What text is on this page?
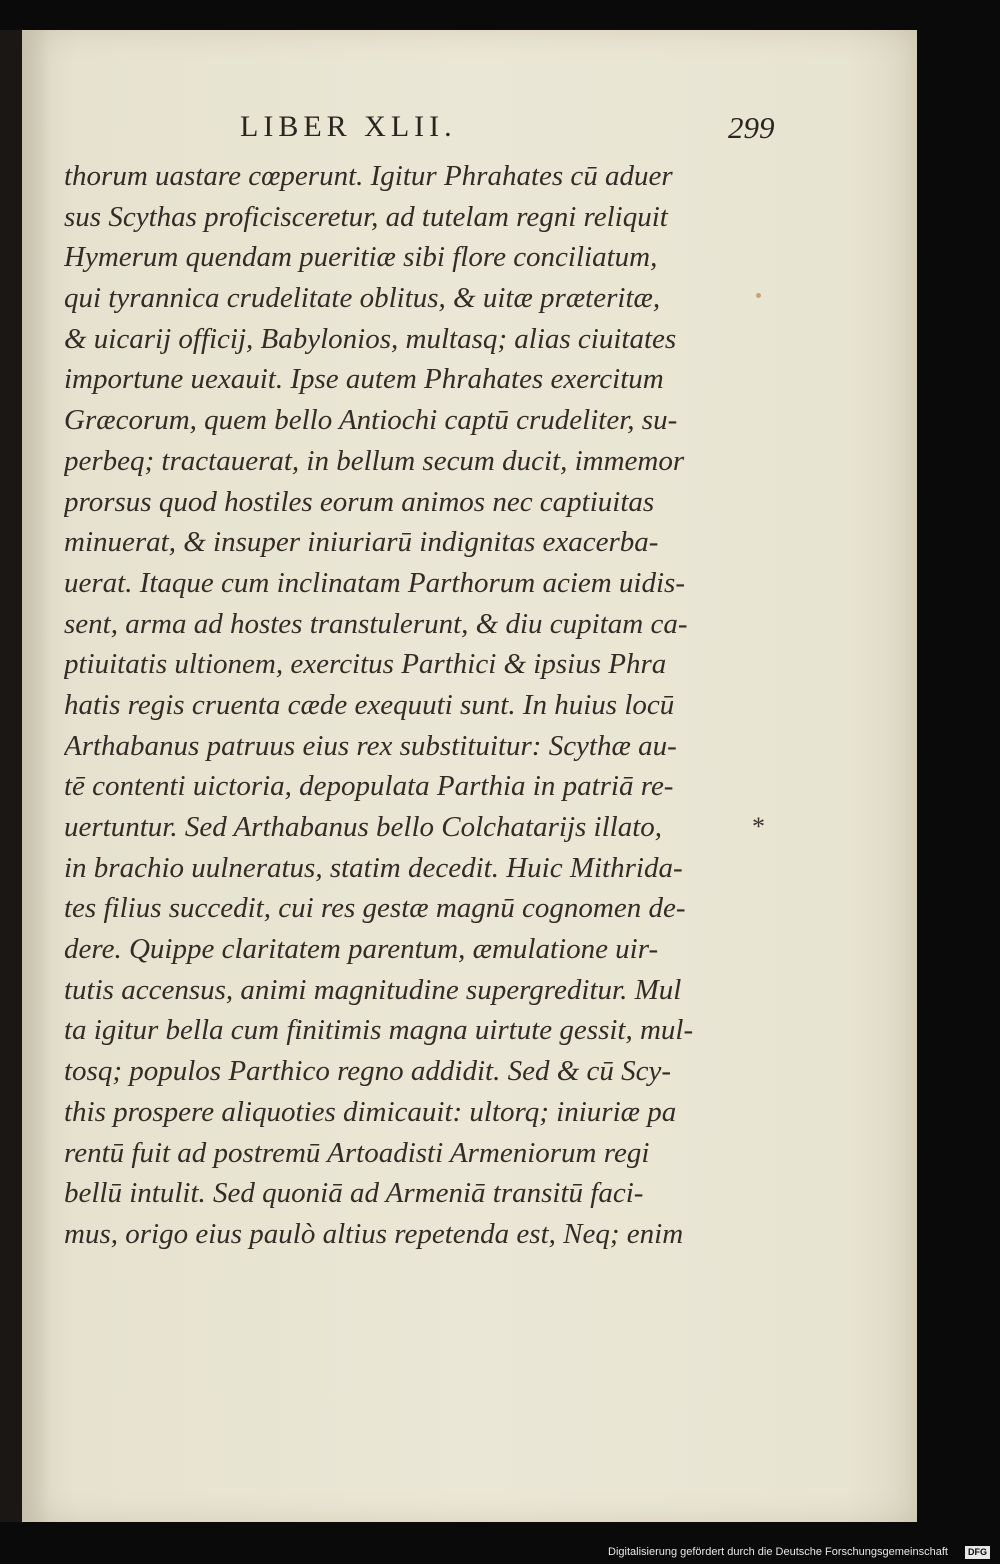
LIBER XLII.	299
thorum uastare cœperunt. Igitur Phrahates cū aduer
sus Scythas proficisceretur, ad tutelam regni reliquit
Hymerum quendam pueritiæ sibi flore conciliatum,
qui tyrannica crudelitate oblitus, & uitæ præteritæ,
& uicarij officij, Babylonios, multasq; alias ciuitates
importune uexauit. Ipse autem Phrahates exercitum
Græcorum, quem bello Antiochi captū crudeliter, su-
perbeq; tractauerat, in bellum secum ducit, immemor
prorsus quod hostiles eorum animos nec captiuitas
minuerat, & insuper iniuriarū indignitas exacerba-
uerat. Itaque cum inclinatam Parthorum aciem uidis-
sent, arma ad hostes transtulerunt, & diu cupitam ca-
ptiuitatis ultionem, exercitus Parthici & ipsius Phra
hatis regis cruenta cæde exequuti sunt. In huius locū
Arthabanus patruus eius rex substituitur: Scythæ au-
tē contenti uictoria, depopulata Parthia in patriā re-
uertuntur. Sed Arthabanus bello Colchatarijs illato,
in brachio uulneratus, statim decedit. Huic Mithrida-
tes filius succedit, cui res gestæ magnū cognomen de-
dere. Quippe claritatem parentum, æmulatione uir-
tutis accensus, animi magnitudine supergreditur. Mul
ta igitur bella cum finitimis magna uirtute gessit, mul-
tosq; populos Parthico regno addidit. Sed & cū Scy-
this prospere aliquoties dimicauit: ultorq; iniuriæ pa
rentū fuit ad postremū Artoadisti Armeniorum regi
bellū intulit. Sed quoniā ad Armeniā transitū faci-
mus, origo eius paulò altius repetenda est, Neq; enim
*
Digitalisierung gefördert durch die Deutsche Forschungsgemeinschaft	DFG
